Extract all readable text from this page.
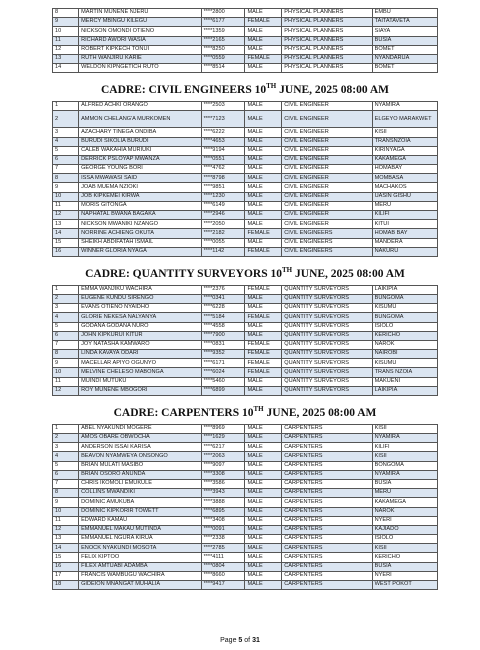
8	MARTIN MUNENE NJERU	****2800	MALE	PHYSICAL PLANNERS	EMBU
9	MERCY MBINGU KILEGU	****6177	FEMALE	PHYSICAL PLANNERS	TAITATAVETA
10	NICKSON OMONDI OTIENO	****1359	MALE	PHYSICAL PLANNERS	SIAYA
11	RICHARD AWORI WASIA	****2165	MALE	PHYSICAL PLANNERS	BUSIA
12	ROBERT KIPKECH TONUI	****8250	MALE	PHYSICAL PLANNERS	BOMET
13	RUTH WANJIRU KARIE	****0559	FEMALE	PHYSICAL PLANNERS	NYANDARUA
14	WELDON KIPNGETICH RUTO	****8514	MALE	PHYSICAL PLANNERS	BOMET
CADRE: CIVIL ENGINEERS 10TH JUNE, 2025 08:00 AM
1	ALFRED ACHKI ORANGO	****2503	MALE	CIVIL ENGINEER	NYAMIRA
2	AMMON CHELANG'A MURKOMEN	****7123	MALE	CIVIL ENGINEER	ELGEYO MARAKWET
3	AZACHARY TINEGA ONDIBA	****6222	MALE	CIVIL ENGINEER	KISII
4	BURUDI SIKOLIA BURUDI	****4653	MALE	CIVIL ENGINEER	TRANSNZOIA
5	CALEB WAKAHIA MURIUKI	****9194	MALE	CIVIL ENGINEER	KIRINYAGA
6	DERRICK PSLOYAP MWANZA	****0551	MALE	CIVIL ENGINEER	KAKAMEGA
7	GEORGE YOUNG BORI	****4762	MALE	CIVIL ENGINEER	HOMABAY
8	ISSA MWAWASI SAID	****8798	MALE	CIVIL ENGINEER	MOMBASA
9	JOAB MUEMA NZIOKI	****9851	MALE	CIVIL ENGINEER	MACHAKOS
10	JOB KIPKEMEI KIRWA	****1230	MALE	CIVIL ENGINEER	UASIN GISHU
11	MORIS GITONGA	****6149	MALE	CIVIL ENGINEER	MERU
12	NAPHATAL BWANA BAGAKA	****2946	MALE	CIVIL ENGINEER	KILIFI
13	NICKSON MWANIKI NZANGO	****2050	MALE	CIVIL ENGINEER	KITUI
14	NORRINE ACHIENG OKUTA	****2182	FEMALE	CIVIL ENGINEERS	HOMAB BAY
15	SHEIKH ABDIFATAH ISMAIL	****0055	MALE	CIVIL ENGINEERS	MANDERA
16	WINNER GLORIA NYAGA	****1142	FEMALE	CIVIL ENGINEERS	NAKURU
CADRE: QUANTITY SURVEYORS 10TH JUNE, 2025 08:00 AM
1	EMMA WANJIKU WACHIRA	****2376	FEMALE	QUANTITY SURVEYORS	LAIKIPIA
2	EUGENE KUNDU SIRENGO	****0341	MALE	QUANTITY SURVEYORS	BUNGOMA
3	EVANS OTIENO NYAIDHO	****6228	MALE	QUANTITY SURVEYORS	KISUMU
4	GLORIE NEKESA NALYANYA	****5184	FEMALE	QUANTITY SURVEYORS	BUNGOMA
5	GODANA GODANA NURO	****4558	MALE	QUANTITY SURVEYORS	ISIOLO
6	JOHN KIPKURUI KITUR	****7900	MALE	QUANTITY SURVEYORS	KERICHO
7	JOY NATASHA KAMWARO	****0831	FEMALE	QUANTITY SURVEYORS	NAROK
8	LINDA KAVAYA ODARI	****9352	FEMALE	QUANTITY SURVEYORS	NAIROBI
9	MACELLAR APIYO OGUNYO	****6171	FEMALE	QUANTITY SURVEYORS	KISUMU
10	MELVINE CHELESO MABONGA	****6024	FEMALE	QUANTITY SURVEYORS	TRANS NZOIA
11	MUINDI MUTUKU	****5460	MALE	QUANTITY SURVEYORS	MAKUENI
12	ROY MUNENE MBOGORI	****6899	MALE	QUANTITY SURVEYORS	LAIKIPIA
CADRE: CARPENTERS 10TH JUNE, 2025 08:00 AM
1	ABEL NYAKUNDI MOGERE	****8969	MALE	CARPENTERS	KISII
2	AMOS OBARE OBWOCHA	****1629	MALE	CARPENTERS	NYAMIRA
3	ANDERSON ISSAI KARISA	****6217	MALE	CARPENTERS	KILIFI
4	BEAVON NYAMWEYA ONSONGO	****2063	MALE	CARPENTERS	KISII
5	BRIAN MULATI MASIBO	****9097	MALE	CARPENTERS	BONGOMA
6	BRIAN OSORO ANUNDA	****3308	MALE	CARPENTERS	NYAMIRA
7	CHRIS IKOMOLI EMUKULE	****3586	MALE	CARPENTERS	BUSIA
8	COLLINS MWANDIKI	****3943	MALE	CARPENTERS	MERU
9	DOMINIC AMUKUBA	****3888	MALE	CARPENTERS	KAKAMEGA
10	DOMINIC KIPKORIR TOWETT	****6895	MALE	CARPENTERS	NAROK
11	EDWARD KAMAU	****3408	MALE	CARPENTERS	NYERI
12	EMMANUEL MAKAU MUTINDA	****0091	MALE	CARPENTERS	KAJIADO
13	EMMANUEL NGURA KIRUA	****2338	MALE	CARPENTERS	ISIOLO
14	ENOCK NYAKUNDI MOSOTA	****2785	MALE	CARPENTERS	KISII
15	FELIX KIPTOO	****4111	MALE	CARPENTERS	KERICHO
16	FILEX AMTUABI ADAMBA	****0804	MALE	CARPENTERS	BUSIA
17	FRANCIS WAMBUGU WACHIRA	****8660	MALE	CARPENTERS	NYERI
18	GIDEION MNANGAT MUHALIA	****9417	MALE	CARPENTERS	WEST POKOT
Page 5 of 31
